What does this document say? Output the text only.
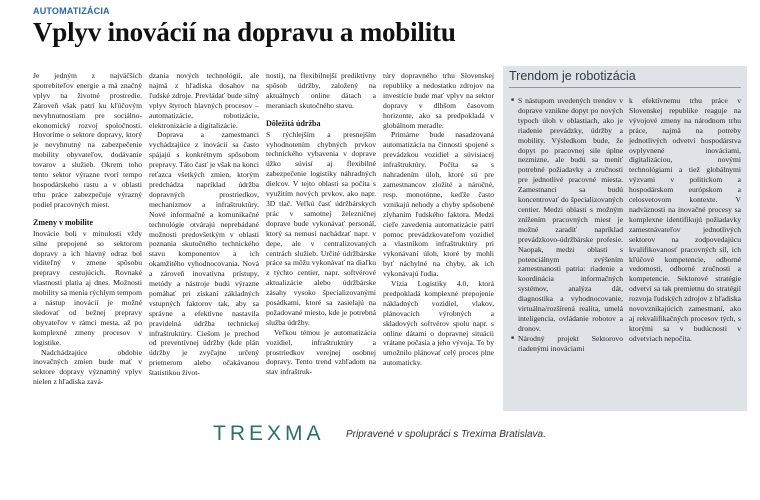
AUTOMATIZÁCIA
Vplyv inovácií na dopravu a mobilitu

Je jedným z najväčších spotrebiteľov energie a má značný vplyv na životné prostredie. Zároveň však patrí ku kľúčovým nevyhnutnostiam pre sociálno-ekonomický rozvoj spoločnosti. Hovoríme o sektore dopravy, ktorý je nevyhnutný na zabezpečenie mobility obyvateľov, dodávanie tovarov a služieb. Okrem toho tento sektor výrazne tvorí tempo hospodárskeho rastu a v oblasti trhu práce zabezpečuje výrazný podiel pracovných miest.

Zmeny v mobilite

Inovácie boli v minulosti vždy silne prepojené so sektorom dopravy a ich hlavný odraz bol viditeľný v zmene spôsobu prepravy cestujúcich. Rovnaké vlastnosti platia aj dnes. Možnosti mobility sa menia rýchlym tempom a nástup inovácií je možné sledovať od bežnej prepravy obyvateľov v rámci mesta, až po komplexné zmeny procesov v logistike.

Nadchádzajúce obdobie inovačných zmien bude mať v sektore dopravy významný vplyv nielen z hľadiska zavá-

dzania nových technológií, ale najmä z hľadiska dosahov na ľudské zdroje. Prevládať bude silný vplyv štyroch hlavných procesov – automatizácie, robotizácie, elektronizácie a digitalizácie.

Doprava a zamestnanci vychádzajúce z inovácií sa často spájajú s konkrétnym spôsobom prepravy. Táto časť je však na konci reťazca všetkých zmien, ktorým predchádza napríklad údržba dopravných prostriedkov, mechanizmov a infraštruktúry. Nové informačné a komunikačné technológie otvárajú neprebádané možnosti predovšetkým v oblasti poznania skutočného technického stavu komponentov a ich okamžitého vyhodnocovania. Nová a zároveň inovatívna prístupy, metódy a nástroje budú výrazne pomáhať pri získaní základných vstupných faktorov tak, aby sa správne a efektívne nastavila pravidelná údržba technickej infraštruktúry. Ciešom je prechod od preventívnej údržby (kde plán údržby je zvyčajne určený priemerom alebo očakávanou štatistikou život-

nosti), na flexibilnejší prediktívny spôsob údržby, založený na aktuálnych online dátach a meraniach skutočného stavu.

Dôležitá údržba

S rýchlejším a presnejším vyhodnotením chybných prvkov technického vybavenia v doprave úžko súvisí aj flexibilné zabezpečenie logistiky náhradných dielcov. V tejto oblasti sa počíta s využitím nových prvkov, ako napr. 3D tlač. Veľkú časť údržbárskych prác v samotnej železničnej doprave bude vykonávať personál, ktorý sa nemusí nachádzať napr. v depe, ale v centralizovaných centrách služieb. Určité údržbárske práce sa môžu vykonávať na diaľku z týchto centier, napr. softvérové aktualizácie alebo údržbárske zásahy vysoko špecializovanými posádkami, ktoré sa zasielajú na požadované miesto, kde je potrebná služba údržby.

Veľkou témou je automatizácia vozidiel, infraštruktúry a prostriedkov verejnej osobnej dopravy. Tento trend vzhľadom na stav infraštruk-

túry dopravného trhu Slovenskej republiky a nedostatku zdrojov na investície bude mať vplyv na sektor dopravy v dlhšom časovom horizonte, ako sa predpokladá v globálnom meradle.

Primárne bude nasadzovaná automatizácia na činnosti spojené s prevádzkou vozidiel a súvisiacej infraštruktúry. Počíta sa s nahradením úloh, ktoré sú pre zamestnancov zložité a náročné, resp. monotónne, keďže často vznikajú nehody a chyby spôsobené zlyhaním ľudského faktora. Medzi cieľe zavedenia automatizácie patrí pomoc prevádzkovateľom vozidiel a vlastníkom infraštruktúry pri vykonávaní úloh, ktoré by mohli byť náchylné na chyby, ak ich vykonávajú ľudia.

Vízia Logistiky 4.0, ktorá predpokladá komplexné prepojenie nákladných vozidiel, vlakov, plánovacích výrobných a skladových softvérov spolu napr. s online dátami o dopravnej situácii vrátane počasia a jeho vývoja. To by umožnilo plánovať celý proces plne automaticky.

Trendom je robotizácia
■ S nástupom uvedených trendov v doprave vznikne dopyt po nových typoch úloh v oblastiach, ako je riadenie prevádzky, údržby a mobility. Výsledkom bude, že dopyt po pracovnej sile úplne nezmizne, ale budú sa meniť potrebné požiadavky a zručnosti pre jednotlivé pracovné miesta. Zamestnanci sa budú koncentrovať do špecializovaných centier. Medzi oblasti s možným znížením pracovných miest je možné zaradiť napríklad prevádzkovo-údržbárske profesie. Naopak, medzi oblasti s potenciálnym zvýšením zamestnanosti patria: riadenie a koordinácia informačných systémov, analýza dát, diagnostika a vyhodnocovanie, virtuálna/rozšírená realita, umelá inteligencia, ovládanie robotov a dronov.
■ Národný projekt Sektorovo riadenými inováciami

k efektívnemu trhu práce v Slovenskej republike reaguje na vývojové zmeny na národnom trhu práce, najmä na potreby jednotlivých odvetví hospodárstva ovplyvnené inováciami, digitalizáciou, novými technológiami a tiež globálnymi výzvami v politickom a hospodárskom európskom a celosvetovom kontexte. V nadväznosti na inovačné procesy sa komplexne identifikujú požiadavky zamestnávateľov jednotlivých sektorov na zodpovedajúcu kvalifikovanosť pracovných síl, ich kľúčové kompetencie, odborné vedomosti, odborné zručnosti a kompetencie. Sektorové stratégie odvetví sa tak premietnu do stratégií rozvoja ľudských zdrojov z hľadiska novovznikajúcich zamestnaní, ako aj rekvalifikačných procesov tých, s ktorými sa v budúcnosti v odvetviach nepočíta.

TREXMA Pripravené v spolupráci s Trexima Bratislava.
